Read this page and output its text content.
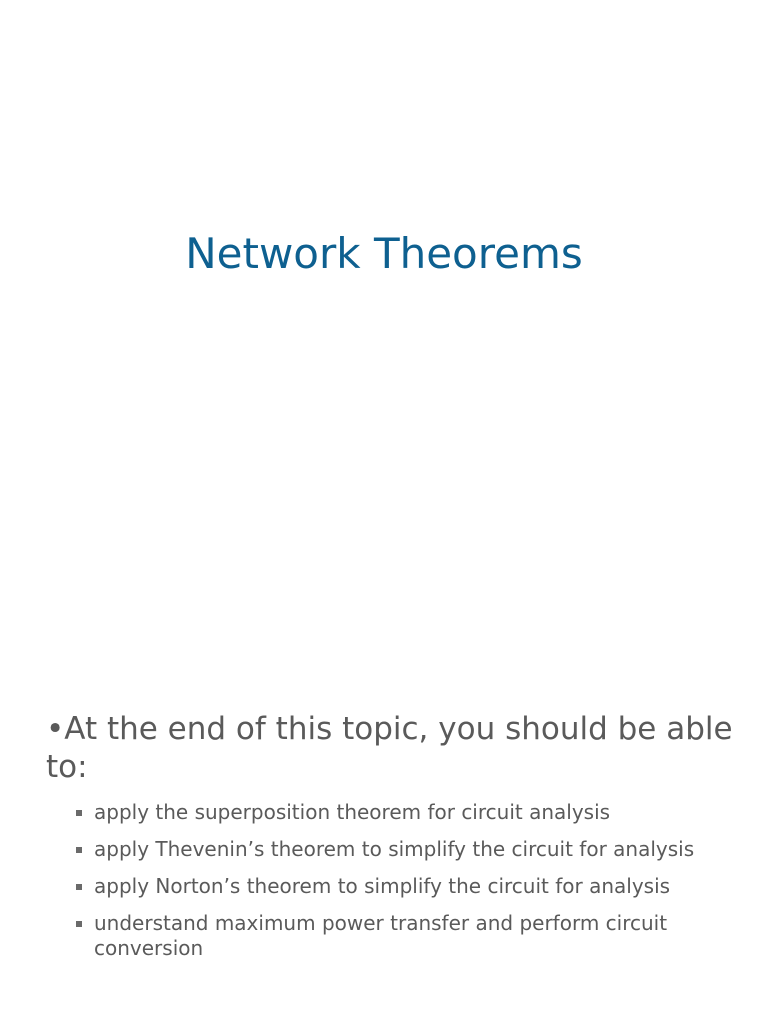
Network Theorems
•At the end of this topic, you should be able to:
apply the superposition theorem for circuit analysis
apply Thevenin’s theorem to simplify the circuit for analysis
apply Norton’s theorem to simplify the circuit for analysis
understand maximum power transfer and perform circuit conversion
